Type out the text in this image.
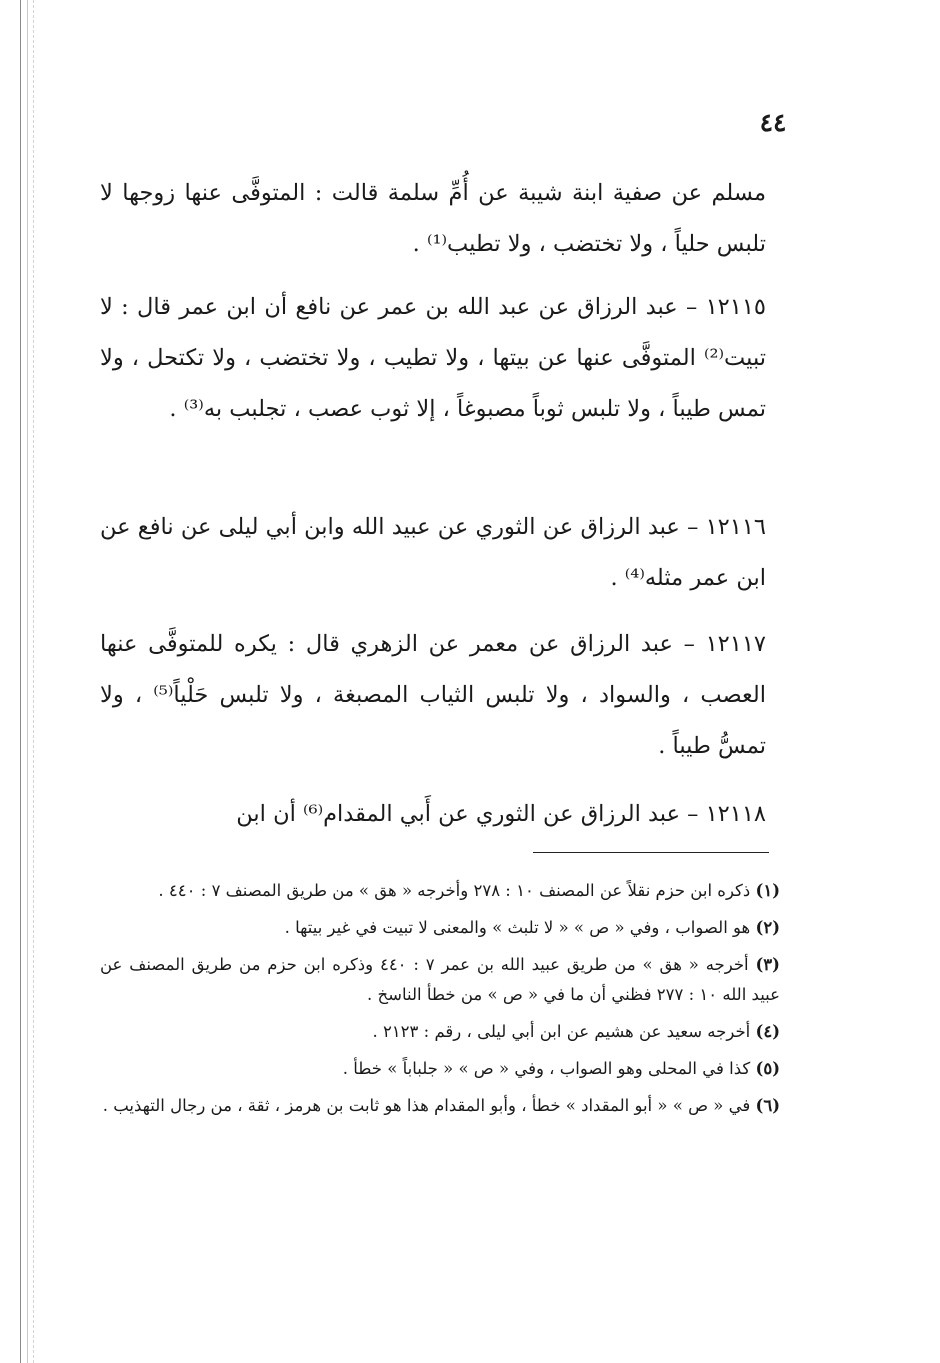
٤٤

مسلم عن صفية ابنة شيبة عن أُمِّ سلمة قالت : المتوفَّى عنها زوجها لا تلبس حلياً ، ولا تختضب ، ولا تطيب⁽¹⁾ .

١٢١١٥ – عبد الرزاق عن عبد الله بن عمر عن نافع أن ابن عمر قال : لا تبيت⁽²⁾ المتوفَّى عنها عن بيتها ، ولا تطيب ، ولا تختضب ، ولا تكتحل ، ولا تمس طيباً ، ولا تلبس ثوباً مصبوغاً ، إلا ثوب عصب ، تجلبب به⁽³⁾ .

١٢١١٦ – عبد الرزاق عن الثوري عن عبيد الله وابن أبي ليلى عن نافع عن ابن عمر مثله⁽⁴⁾ .

١٢١١٧ – عبد الرزاق عن معمر عن الزهري قال : يكره للمتوفَّى عنها العصب ، والسواد ، ولا تلبس الثياب المصبغة ، ولا تلبس حَلْياً⁽⁵⁾ ، ولا تمسُّ طيباً .

١٢١١٨ – عبد الرزاق عن الثوري عن أَبي المقدام⁽⁶⁾ أن ابن

(١) ذكره ابن حزم نقلاً عن المصنف ١٠ : ٢٧٨ وأخرجه « هق » من طريق المصنف ٧ : ٤٤٠ .

(٢) هو الصواب ، وفي « ص » « لا تلبث » والمعنى لا تبيت في غير بيتها .

(٣) أخرجه « هق » من طريق عبيد الله بن عمر ٧ : ٤٤٠ وذكره ابن حزم من طريق المصنف عن عبيد الله ١٠ : ٢٧٧ فظني أن ما في « ص » من خطأ الناسخ .

(٤) أخرجه سعيد عن هشيم عن ابن أبي ليلى ، رقم : ٢١٢٣ .

(٥) كذا في المحلى وهو الصواب ، وفي « ص » « جلباباً » خطأ .

(٦) في « ص » « أبو المقداد » خطأ ، وأبو المقدام هذا هو ثابت بن هرمز ، ثقة ، من رجال التهذيب .
